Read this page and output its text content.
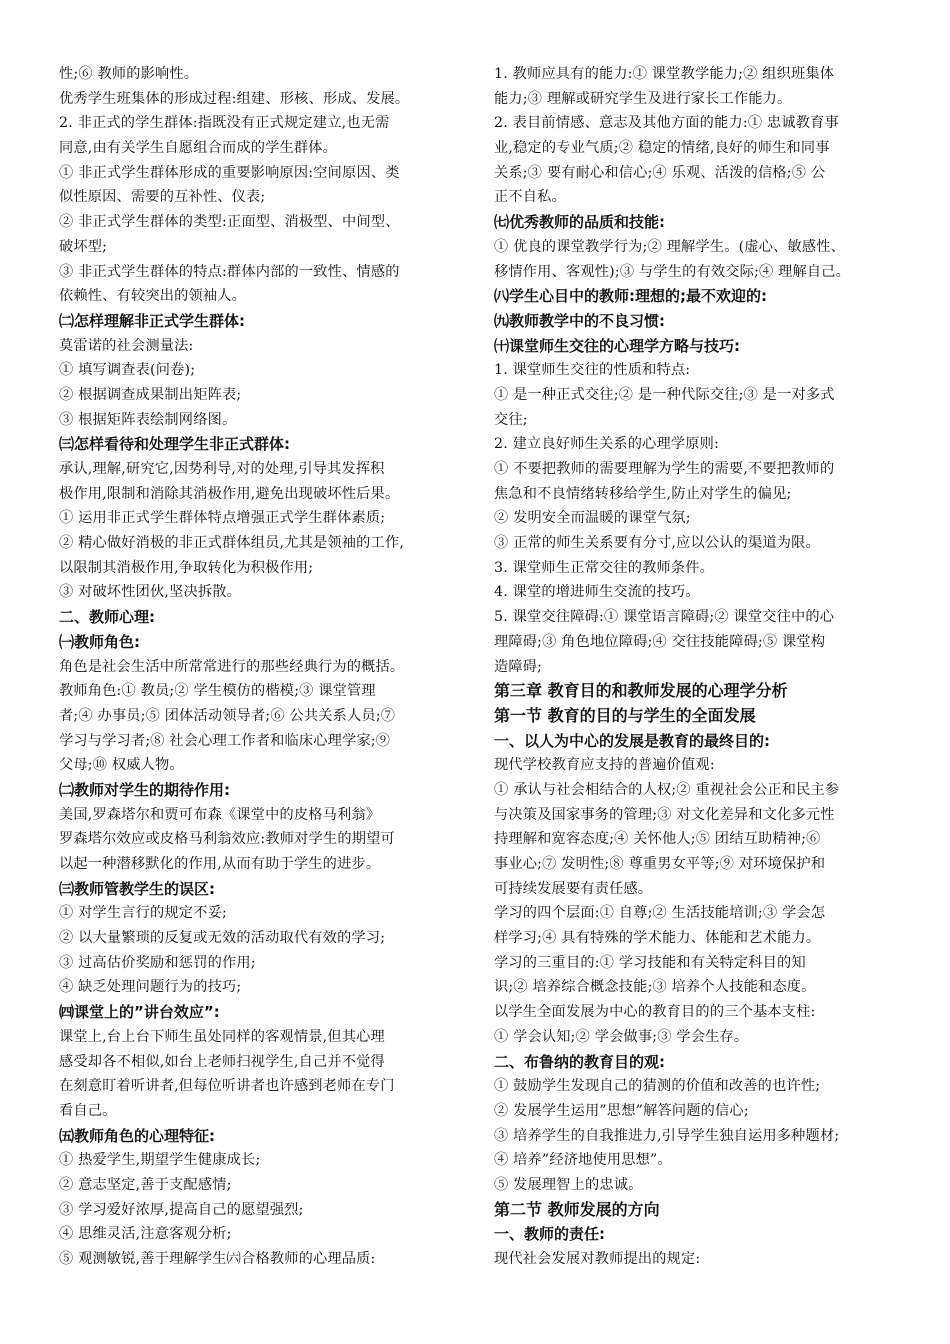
性;⑥ 教师的影响性。
优秀学生班集体的形成过程:组建、形核、形成、发展。
2. 非正式的学生群体:指既没有正式规定建立,也无需
同意,由有关学生自愿组合而成的学生群体。
① 非正式学生群体形成的重要影响原因:空间原因、类
似性原因、需要的互补性、仪表;
② 非正式学生群体的类型:正面型、消极型、中间型、
破坏型;
③ 非正式学生群体的特点:群体内部的一致性、情感的
依赖性、有较突出的领袖人。
㈡怎样理解非正式学生群体:
莫雷诺的社会测量法:
① 填写调查表(问卷);
② 根据调查成果制出矩阵表;
③ 根据矩阵表绘制网络图。
㈢怎样看待和处理学生非正式群体:
承认,理解,研究它,因势利导,对的处理,引导其发挥积
极作用,限制和消除其消极作用,避免出现破坏性后果。
① 运用非正式学生群体特点增强正式学生群体素质;
② 精心做好消极的非正式群体组员,尤其是领袖的工作,
以限制其消极作用,争取转化为积极作用;
③ 对破坏性团伙,坚决拆散。
二、教师心理:
㈠教师角色:
角色是社会生活中所常常进行的那些经典行为的概括。
教师角色:① 教员;② 学生模仿的楷模;③ 课堂管理
者;④ 办事员;⑤ 团体活动领导者;⑥ 公共关系人员;⑦
学习与学习者;⑧ 社会心理工作者和临床心理学家;⑨
父母;⑩ 权威人物。
㈡教师对学生的期待作用:
美国,罗森塔尔和贾可布森《课堂中的皮格马利翁》
罗森塔尔效应或皮格马利翁效应:教师对学生的期望可
以起一种潜移默化的作用,从而有助于学生的进步。
㈢教师管教学生的误区:
① 对学生言行的规定不妥;
② 以大量繁琐的反复或无效的活动取代有效的学习;
③ 过高估价奖励和惩罚的作用;
④ 缺乏处理问题行为的技巧;
㈣课堂上的”讲台效应”:
课堂上,台上台下师生虽处同样的客观情景,但其心理
感受却各不相似,如台上老师扫视学生,自己并不觉得
在刻意盯着听讲者,但每位听讲者也许感到老师在专门
看自己。
㈤教师角色的心理特征:
① 热爱学生,期望学生健康成长;
② 意志坚定,善于支配感情;
③ 学习爱好浓厚,提高自己的愿望强烈;
④ 思维灵活,注意客观分析;
⑤ 观测敏锐,善于理解学生㈥合格教师的心理品质:
1. 教师应具有的能力:① 课堂教学能力;② 组织班集体
能力;③ 理解或研究学生及进行家长工作能力。
2. 表目前情感、意志及其他方面的能力:① 忠诚教育事
业,稳定的专业气质;② 稳定的情绪,良好的师生和同事
关系;③ 要有耐心和信心;④ 乐观、活泼的信格;⑤ 公
正不自私。
㈦优秀教师的品质和技能:
① 优良的课堂教学行为;② 理解学生。(虚心、敏感性、
移情作用、客观性);③ 与学生的有效交际;④ 理解自己。
㈧学生心目中的教师:理想的;最不欢迎的:
㈨教师教学中的不良习惯:
㈩课堂师生交往的心理学方略与技巧:
1. 课堂师生交往的性质和特点:
① 是一种正式交往;② 是一种代际交往;③ 是一对多式
交往;
2. 建立良好师生关系的心理学原则:
① 不要把教师的需要理解为学生的需要,不要把教师的
焦急和不良情绪转移给学生,防止对学生的偏见;
② 发明安全而温暖的课堂气氛;
③ 正常的师生关系要有分寸,应以公认的渠道为限。
3. 课堂师生正常交往的教师条件。
4. 课堂的增进师生交流的技巧。
5. 课堂交往障碍:① 课堂语言障碍;② 课堂交往中的心
理障碍;③ 角色地位障碍;④ 交往技能障碍;⑤ 课堂构
造障碍;
第三章 教育目的和教师发展的心理学分析
第一节 教育的目的与学生的全面发展
一、以人为中心的发展是教育的最终目的:
现代学校教育应支持的普遍价值观:
① 承认与社会相结合的人权;② 重视社会公正和民主参
与决策及国家事务的管理;③ 对文化差异和文化多元性
持理解和宽容态度;④ 关怀他人;⑤ 团结互助精神;⑥
事业心;⑦ 发明性;⑧ 尊重男女平等;⑨ 对环境保护和
可持续发展要有责任感。
学习的四个层面:① 自尊;② 生活技能培训;③ 学会怎
样学习;④ 具有特殊的学术能力、体能和艺术能力。
学习的三重目的:① 学习技能和有关特定科目的知
识;② 培养综合概念技能;③ 培养个人技能和态度。
以学生全面发展为中心的教育目的的三个基本支柱:
① 学会认知;② 学会做事;③ 学会生存。
二、布鲁纳的教育目的观:
① 鼓励学生发现自己的猜测的价值和改善的也许性;
② 发展学生运用”思想”解答问题的信心;
③ 培养学生的自我推进力,引导学生独自运用多种题材;
④ 培养”经济地使用思想”。
⑤ 发展理智上的忠诚。
第二节 教师发展的方向
一、教师的责任:
现代社会发展对教师提出的规定:
